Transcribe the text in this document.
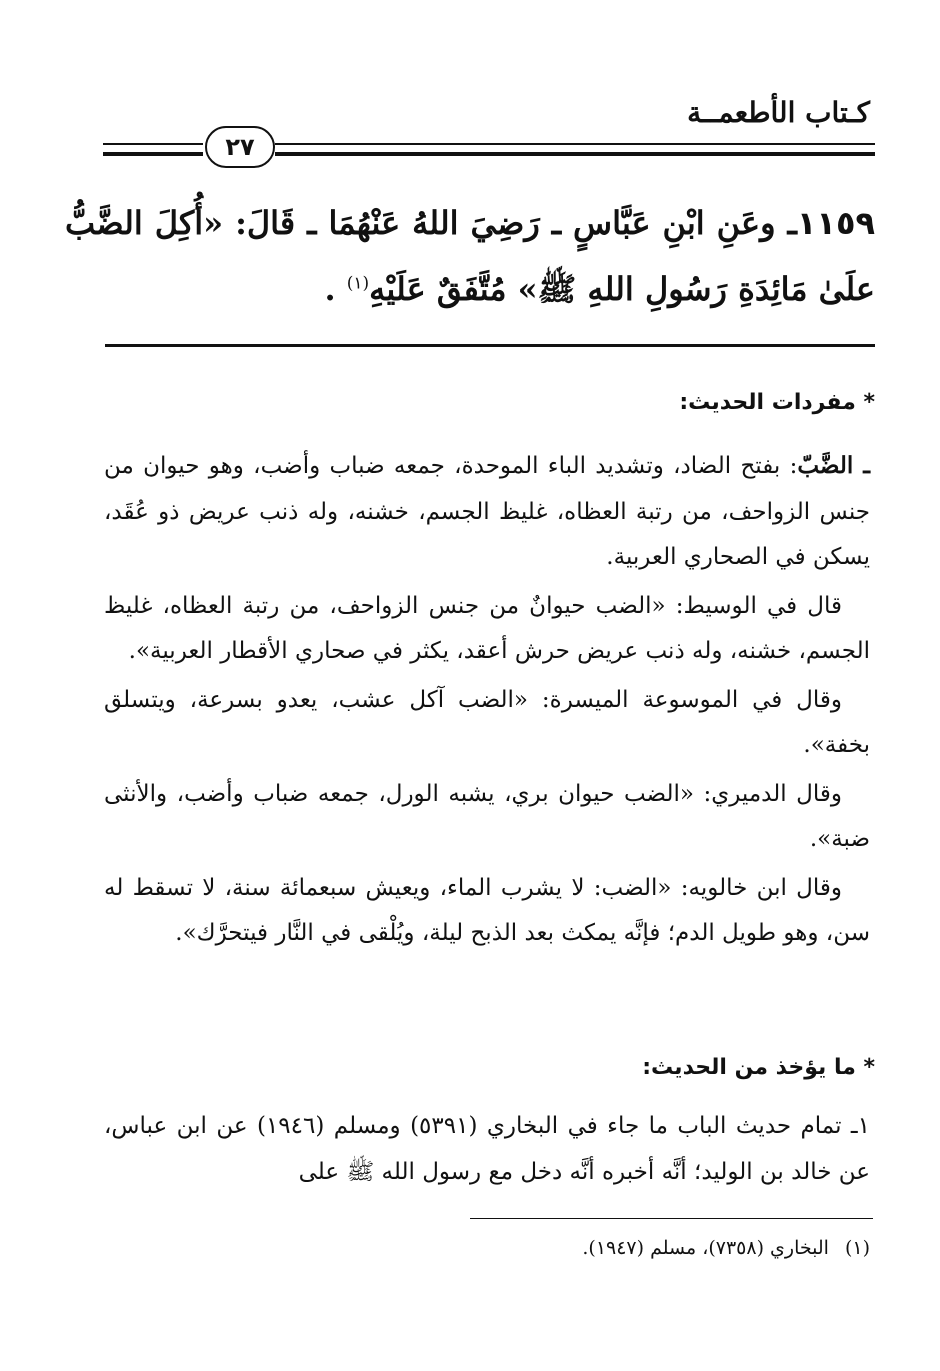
كـتاب الأطعمــة
٢٧
١١٥٩ـ وعَنِ ابْنِ عَبَّاسٍ ـ رَضِيَ اللهُ عَنْهُمَا ـ قَالَ: «أُكِلَ الضَّبُّ علَىٰ مَائِدَةِ رَسُولِ اللهِ ﷺ» مُتَّفَقٌ عَلَيْهِ$^{(١)}$ .
* مفردات الحديث:

ـ الضَّبّ: بفتح الضاد، وتشديد الباء الموحدة، جمعه ضباب وأضب، وهو حيوان من جنس الزواحف، من رتبة العظاه، غليظ الجسم، خشنه، وله ذنب عريض ذو عُقَد، يسكن في الصحاري العربية.

قال في الوسيط: «الضب حيوانٌ من جنس الزواحف، من رتبة العظاه، غليظ الجسم، خشنه، وله ذنب عريض حرش أعقد، يكثر في صحاري الأقطار العربية».

وقال في الموسوعة الميسرة: «الضب آكل عشب، يعدو بسرعة، ويتسلق بخفة».

وقال الدميري: «الضب حيوان بري، يشبه الورل، جمعه ضباب وأضب، والأنثى ضبة».

وقال ابن خالويه: «الضب: لا يشرب الماء، ويعيش سبعمائة سنة، لا تسقط له سن، وهو طويل الدم؛ فإنَّه يمكث بعد الذبح ليلة، ويُلْقى في النَّار فيتحرَّك».

* ما يؤخذ من الحديث:

١ـ تمام حديث الباب ما جاء في البخاري (٥٣٩١) ومسلم (١٩٤٦) عن ابن عباس، عن خالد بن الوليد؛ أنَّه أخبره أنَّه دخل مع رسول الله ﷺ على

(١)البخاري (٧٣٥٨)، مسلم (١٩٤٧).
